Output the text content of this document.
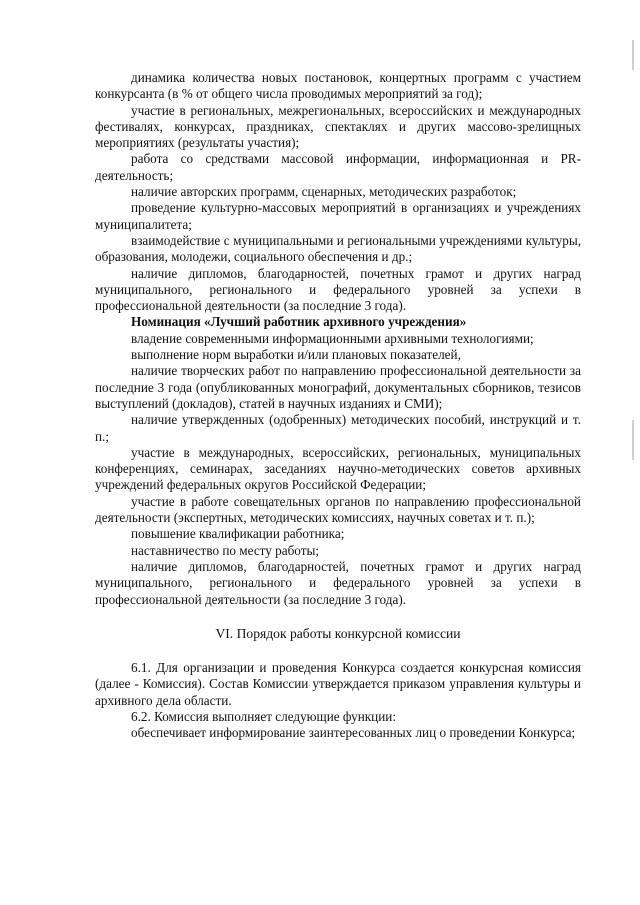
динамика количества новых постановок, концертных программ с участием конкурсанта (в % от общего числа проводимых мероприятий за год);

участие в региональных, межрегиональных, всероссийских и международных фестивалях, конкурсах, праздниках, спектаклях и других массово-зрелищных мероприятиях (результаты участия);

работа со средствами массовой информации, информационная и PR-деятельность;

наличие авторских программ, сценарных, методических разработок;

проведение культурно-массовых мероприятий в организациях и учреждениях муниципалитета;

взаимодействие с муниципальными и региональными учреждениями культуры, образования, молодежи, социального обеспечения и др.;

наличие дипломов, благодарностей, почетных грамот и других наград муниципального, регионального и федерального уровней за успехи в профессиональной деятельности (за последние 3 года).

Номинация «Лучший работник архивного учреждения»

владение современными информационными архивными технологиями;

выполнение норм выработки и/или плановых показателей,

наличие творческих работ по направлению профессиональной деятельности за последние 3 года (опубликованных монографий, документальных сборников, тезисов выступлений (докладов), статей в научных изданиях и СМИ);

наличие утвержденных (одобренных) методических пособий, инструкций и т. п.;

участие в международных, всероссийских, региональных, муниципальных конференциях, семинарах, заседаниях научно-методических советов архивных учреждений федеральных округов Российской Федерации;

участие в работе совещательных органов по направлению профессиональной деятельности (экспертных, методических комиссиях, научных советах и т. п.);

повышение квалификации работника;

наставничество по месту работы;

наличие дипломов, благодарностей, почетных грамот и других наград муниципального, регионального и федерального уровней за успехи в профессиональной деятельности (за последние 3 года).

VI. Порядок работы конкурсной комиссии

6.1. Для организации и проведения Конкурса создается конкурсная комиссия (далее - Комиссия). Состав Комиссии утверждается приказом управления культуры и архивного дела области.

6.2. Комиссия выполняет следующие функции:

обеспечивает информирование заинтересованных лиц о проведении Конкурса;
